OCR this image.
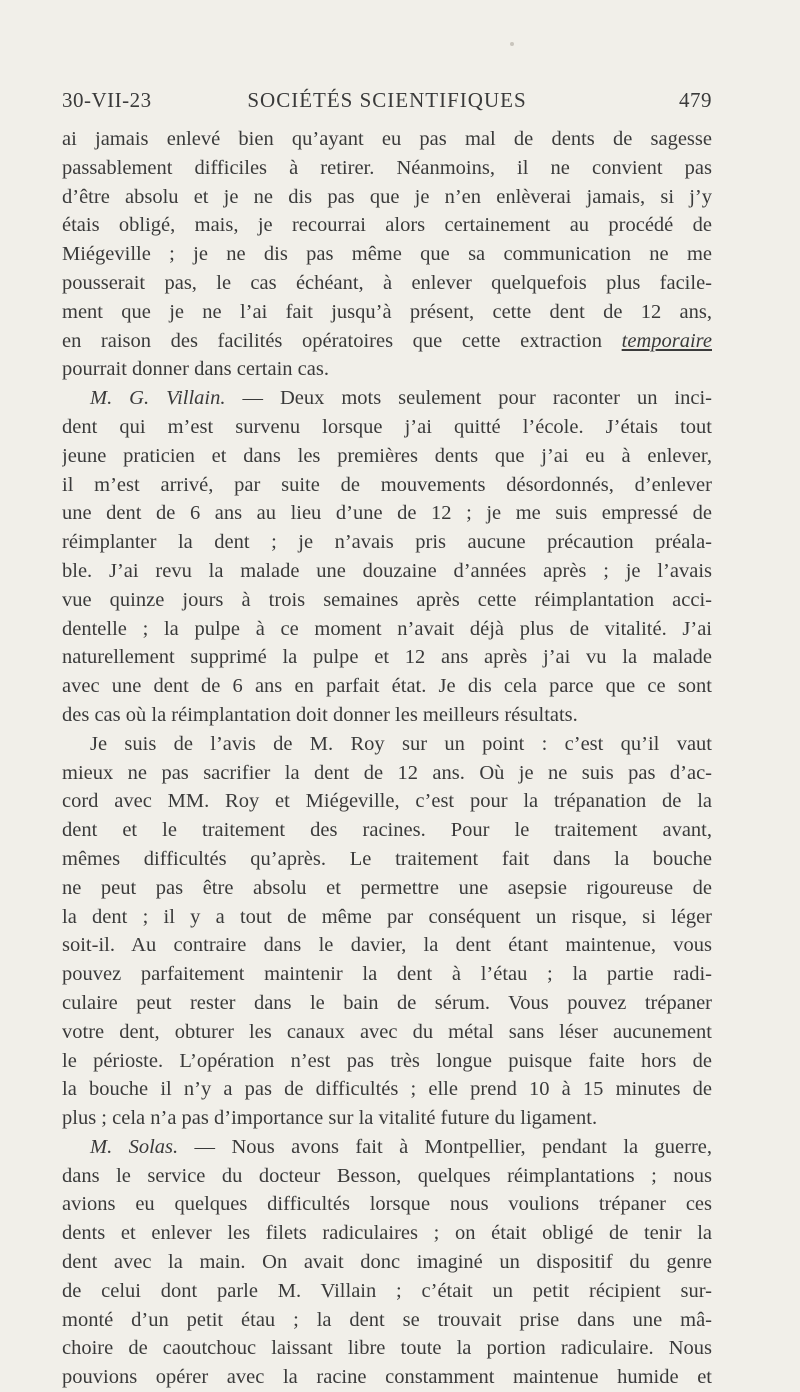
30-VII-23	SOCIÉTÉS SCIENTIFIQUES	479
ai jamais enlevé bien qu’ayant eu pas mal de dents de sagesse
passablement difficiles à retirer. Néanmoins, il ne convient pas
d’être absolu et je ne dis pas que je n’en enlèverai jamais, si j’y
étais obligé, mais, je recourrai alors certainement au procédé de
Miégeville ; je ne dis pas même que sa communication ne me
pousserait pas, le cas échéant, à enlever quelquefois plus facile-
ment que je ne l’ai fait jusqu’à présent, cette dent de 12 ans,
en raison des facilités opératoires que cette extraction temporaire
pourrait donner dans certain cas.
M. G. Villain. — Deux mots seulement pour raconter un inci-
dent qui m’est survenu lorsque j’ai quitté l’école. J’étais tout
jeune praticien et dans les premières dents que j’ai eu à enlever,
il m’est arrivé, par suite de mouvements désordonnés, d’enlever
une dent de 6 ans au lieu d’une de 12 ; je me suis empressé de
réimplanter la dent ; je n’avais pris aucune précaution préala-
ble. J’ai revu la malade une douzaine d’années après ; je l’avais
vue quinze jours à trois semaines après cette réimplantation acci-
dentelle ; la pulpe à ce moment n’avait déjà plus de vitalité. J’ai
naturellement supprimé la pulpe et 12 ans après j’ai vu la malade
avec une dent de 6 ans en parfait état. Je dis cela parce que ce sont
des cas où la réimplantation doit donner les meilleurs résultats.
Je suis de l’avis de M. Roy sur un point : c’est qu’il vaut
mieux ne pas sacrifier la dent de 12 ans. Où je ne suis pas d’ac-
cord avec MM. Roy et Miégeville, c’est pour la trépanation de la
dent et le traitement des racines. Pour le traitement avant,
mêmes difficultés qu’après. Le traitement fait dans la bouche
ne peut pas être absolu et permettre une asepsie rigoureuse de
la dent ; il y a tout de même par conséquent un risque, si léger
soit-il. Au contraire dans le davier, la dent étant maintenue, vous
pouvez parfaitement maintenir la dent à l’étau ; la partie radi-
culaire peut rester dans le bain de sérum. Vous pouvez trépaner
votre dent, obturer les canaux avec du métal sans léser aucunement
le périoste. L’opération n’est pas très longue puisque faite hors de
la bouche il n’y a pas de difficultés ; elle prend 10 à 15 minutes de
plus ; cela n’a pas d’importance sur la vitalité future du ligament.
M. Solas. — Nous avons fait à Montpellier, pendant la guerre,
dans le service du docteur Besson, quelques réimplantations ; nous
avions eu quelques difficultés lorsque nous voulions trépaner ces
dents et enlever les filets radiculaires ; on était obligé de tenir la
dent avec la main. On avait donc imaginé un dispositif du genre
de celui dont parle M. Villain ; c’était un petit récipient sur-
monté d’un petit étau ; la dent se trouvait prise dans une mâ-
choire de caoutchouc laissant libre toute la portion radiculaire. Nous
pouvions opérer avec la racine constamment maintenue humide et
